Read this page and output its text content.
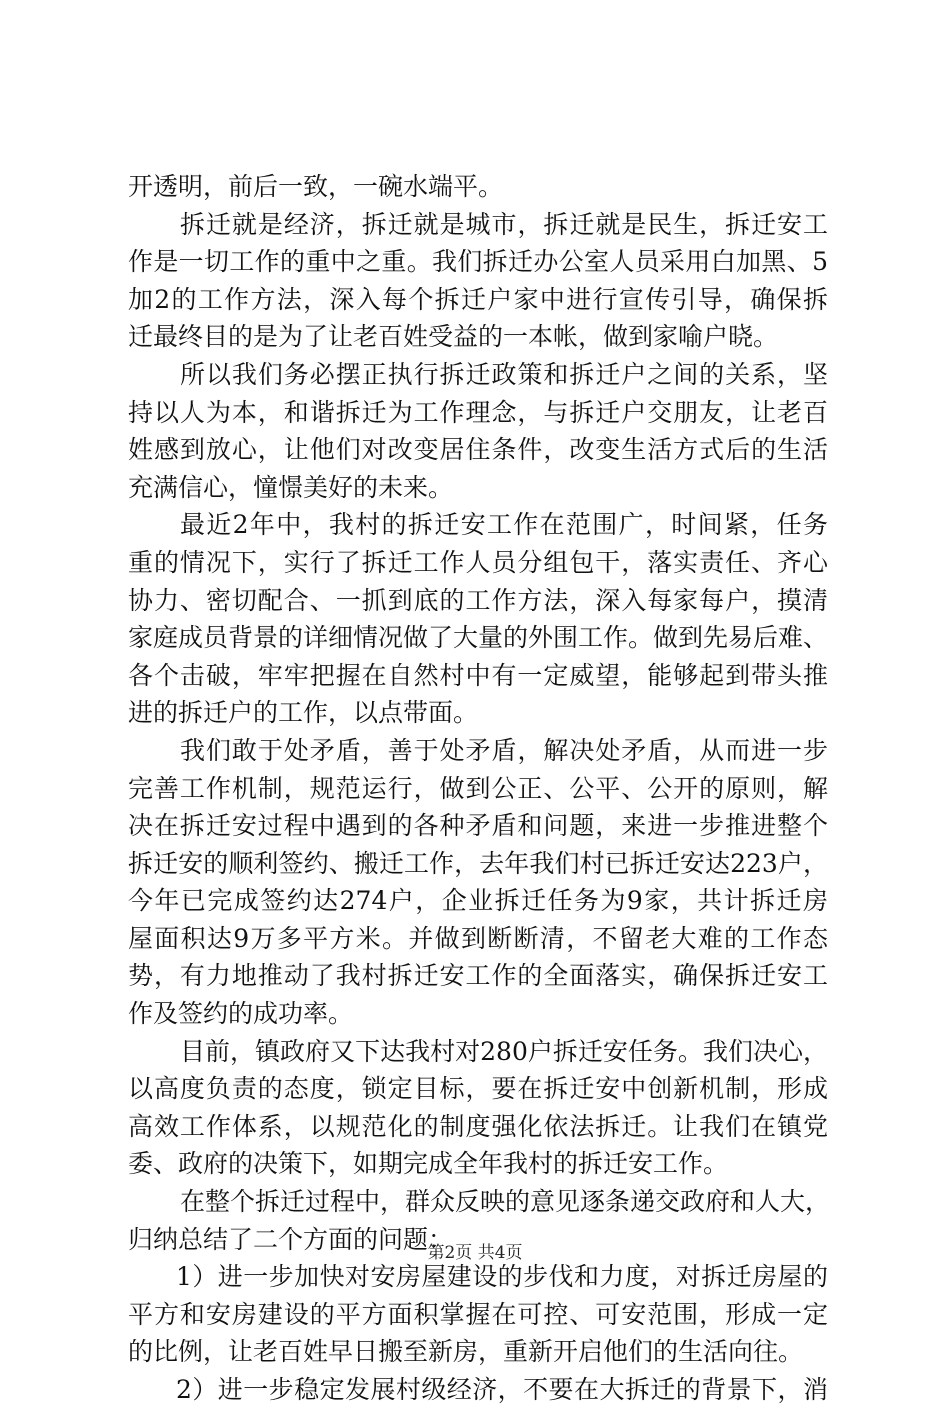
开透明，前后一致，一碗水端平。
拆迁就是经济，拆迁就是城市，拆迁就是民生，拆迁安工
作是一切工作的重中之重。我们拆迁办公室人员采用白加黑、5
加2的工作方法，深入每个拆迁户家中进行宣传引导，确保拆
迁最终目的是为了让老百姓受益的一本帐，做到家喻户晓。
所以我们务必摆正执行拆迁政策和拆迁户之间的关系，坚
持以人为本，和谐拆迁为工作理念，与拆迁户交朋友，让老百
姓感到放心，让他们对改变居住条件，改变生活方式后的生活
充满信心，憧憬美好的未来。
最近2年中，我村的拆迁安工作在范围广，时间紧，任务
重的情况下，实行了拆迁工作人员分组包干，落实责任、齐心
协力、密切配合、一抓到底的工作方法，深入每家每户，摸清
家庭成员背景的详细情况做了大量的外围工作。做到先易后难、
各个击破，牢牢把握在自然村中有一定威望，能够起到带头推
进的拆迁户的工作，以点带面。
我们敢于处矛盾，善于处矛盾，解决处矛盾，从而进一步
完善工作机制，规范运行，做到公正、公平、公开的原则，解
决在拆迁安过程中遇到的各种矛盾和问题，来进一步推进整个
拆迁安的顺利签约、搬迁工作，去年我们村已拆迁安达223户，
今年已完成签约达274户，企业拆迁任务为9家，共计拆迁房
屋面积达9万多平方米。并做到断断清，不留老大难的工作态
势，有力地推动了我村拆迁安工作的全面落实，确保拆迁安工
作及签约的成功率。
目前，镇政府又下达我村对280户拆迁安任务。我们决心，
以高度负责的态度，锁定目标，要在拆迁安中创新机制，形成
高效工作体系，以规范化的制度强化依法拆迁。让我们在镇党
委、政府的决策下，如期完成全年我村的拆迁安工作。
在整个拆迁过程中，群众反映的意见逐条递交政府和人大，
归纳总结了二个方面的问题：
1）进一步加快对安房屋建设的步伐和力度，对拆迁房屋的
平方和安房建设的平方面积掌握在可控、可安范围，形成一定
的比例，让老百姓早日搬至新房，重新开启他们的生活向往。
2）进一步稳定发展村级经济，不要在大拆迁的背景下，消
第2页 共4页
